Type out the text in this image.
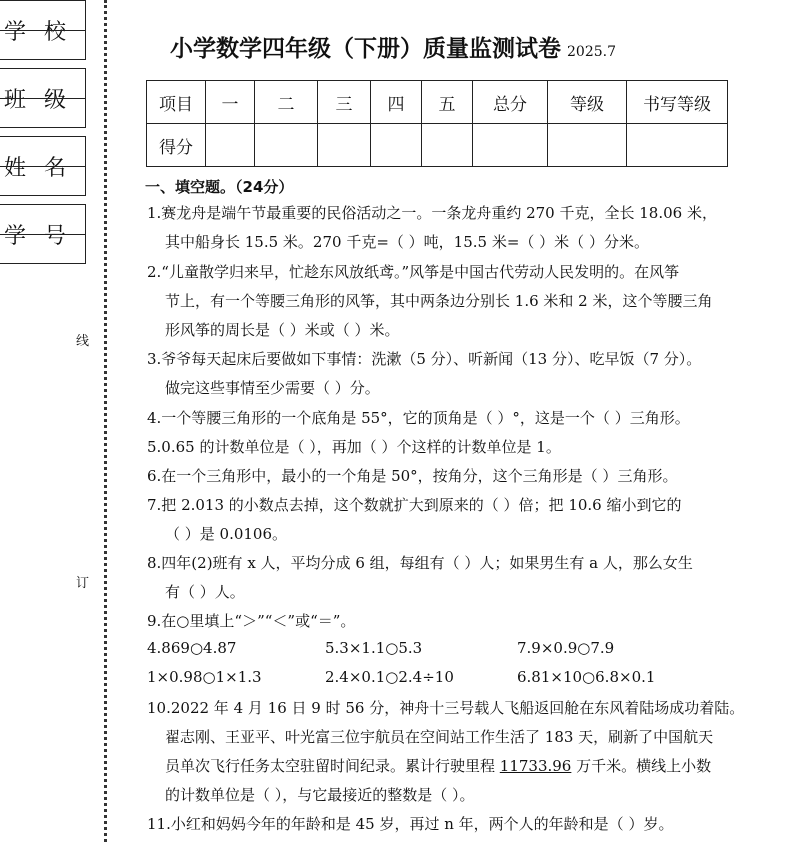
学校
班级
姓名
学号
线
订
小学数学四年级（下册）质量监测试卷 2025.7
项目	一	二	三	四	五	总分	等级	书写等级
得分								
一、填空题。（24分）
1.赛龙舟是端午节最重要的民俗活动之一。一条龙舟重约 270 千克，全长 18.06 米，
其中船身长 15.5 米。270 千克=（ ）吨，15.5 米=（ ）米（ ）分米。
2.“儿童散学归来早，忙趁东风放纸鸢。”风筝是中国古代劳动人民发明的。在风筝
节上，有一个等腰三角形的风筝，其中两条边分别长 1.6 米和 2 米，这个等腰三角
形风筝的周长是（ ）米或（ ）米。
3.爷爷每天起床后要做如下事情：洗漱（5 分）、听新闻（13 分）、吃早饭（7 分）。
做完这些事情至少需要（ ）分。
4.一个等腰三角形的一个底角是 55°，它的顶角是（ ）°，这是一个（ ）三角形。
5.0.65 的计数单位是（ ），再加（ ）个这样的计数单位是 1。
6.在一个三角形中，最小的一个角是 50°，按角分，这个三角形是（ ）三角形。
7.把 2.013 的小数点去掉，这个数就扩大到原来的（ ）倍；把 10.6 缩小到它的
（ ）是 0.0106。
8.四年(2)班有 x 人，平均分成 6 组，每组有（ ）人；如果男生有 a 人，那么女生
有（ ）人。
9.在○里填上“＞”“＜”或“＝”。
4.869○4.87	5.3×1.1○5.3	7.9×0.9○7.9
1×0.98○1×1.3	2.4×0.1○2.4÷10	6.81×10○6.8×0.1
10.2022 年 4 月 16 日 9 时 56 分，神舟十三号载人飞船返回舱在东风着陆场成功着陆。
翟志刚、王亚平、叶光富三位宇航员在空间站工作生活了 183 天，刷新了中国航天
员单次飞行任务太空驻留时间纪录。累计行驶里程 11733.96 万千米。横线上小数
的计数单位是（ ），与它最接近的整数是（ ）。
11.小红和妈妈今年的年龄和是 45 岁，再过 n 年，两个人的年龄和是（ ）岁。
